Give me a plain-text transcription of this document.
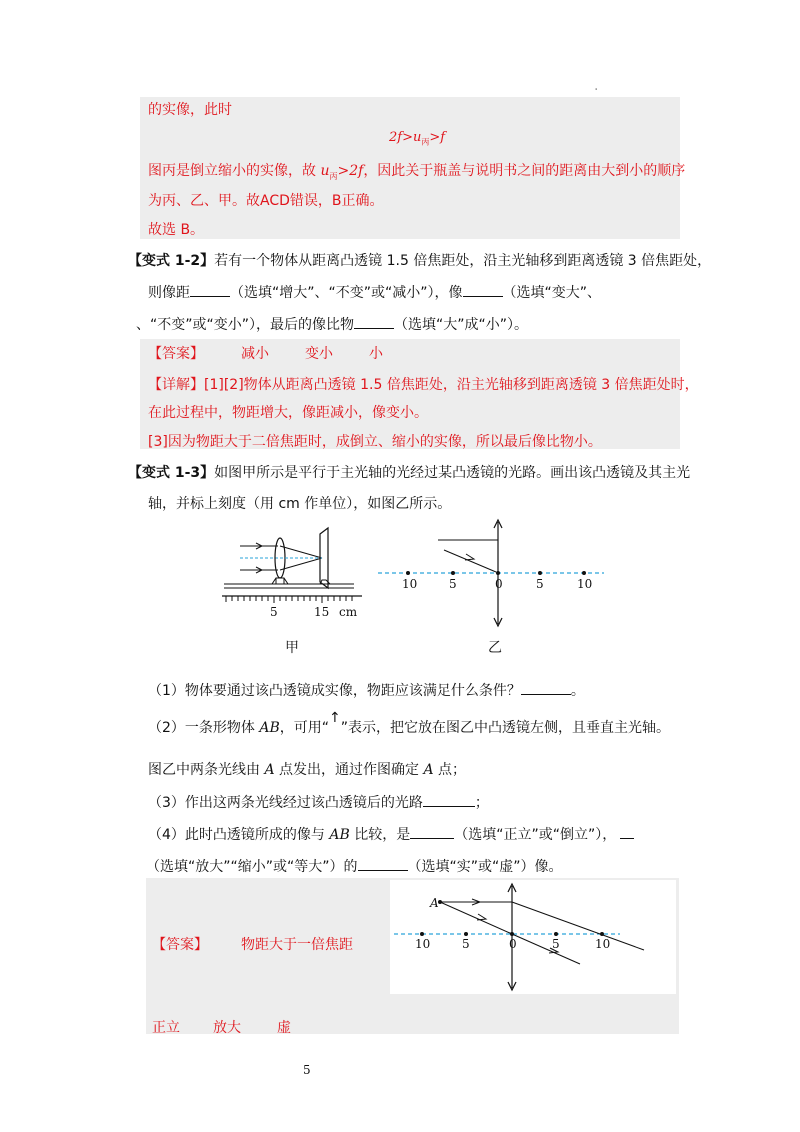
.
的实像，此时
$2f>u_丙>f$
图丙是倒立缩小的实像，故 $u_丙>2f$，因此关于瓶盖与说明书之间的距离由大到小的顺序
为丙、乙、甲。故ACD错误，B正确。
故选 B。
【变式 1-2】若有一个物体从距离凸透镜 1.5 倍焦距处，沿主光轴移到距离透镜 3 倍焦距处，
则像距	（选填“增大”、“不变”或“减小”），像	（选填“变大”、
、“不变”或“变小”），最后的像比物	（选填“大”成“小”）。
【答案】	减小	变小	小
【详解】[1][2]物体从距离凸透镜 1.5 倍焦距处，沿主光轴移到距离透镜 3 倍焦距处时，
在此过程中，物距增大，像距减小，像变小。
[3]因为物距大于二倍焦距时，成倒立、缩小的实像，所以最后像比物小。
【变式 1-3】如图甲所示是平行于主光轴的光经过某凸透镜的光路。画出该凸透镜及其主光
轴，并标上刻度（用 cm 作单位），如图乙所示。
5	15 cm
甲
10	5	0	5	10
乙
（1）物体要通过该凸透镜成实像，物距应该满足什么条件？	。
（2）一条形物体 AB，可用“↑”表示，把它放在图乙中凸透镜左侧，且垂直主光轴。
图乙中两条光线由 A 点发出，通过作图确定 A 点；
（3）作出这两条光线经过该凸透镜后的光路	；
（4）此时凸透镜所成的像与 AB 比较，是	（选填“正立”或“倒立”），
（选填“放大”“缩小”或“等大”）的	（选填“实”或“虚”）像。
【答案】 物距大于一倍焦距
A
10	5	0	5	10
正立 放大	虚
5
